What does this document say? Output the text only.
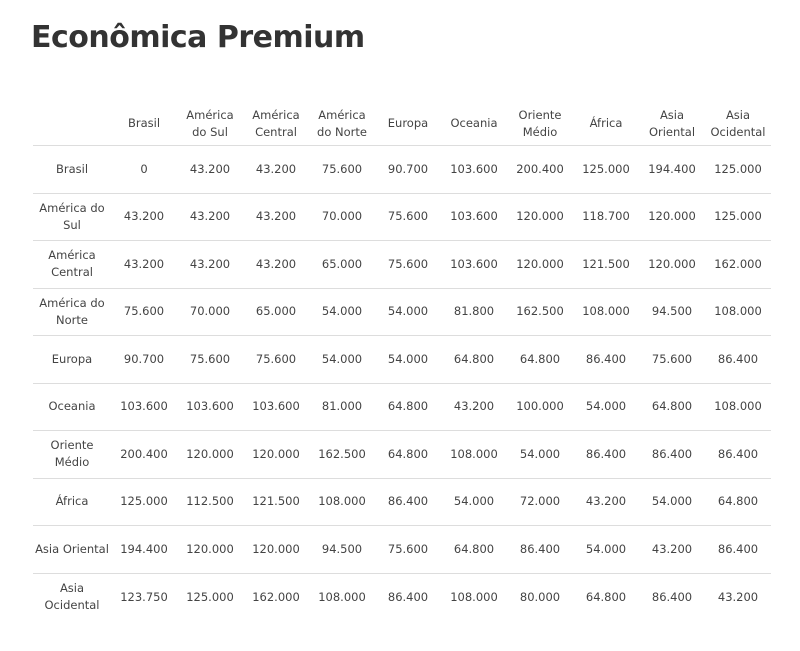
Econômica Premium
	Brasil	América do Sul	América Central	América do Norte	Europa	Oceania	Oriente Médio	África	Asia Oriental	Asia Ocidental
Brasil	0	43.200	43.200	75.600	90.700	103.600	200.400	125.000	194.400	125.000
América do Sul	43.200	43.200	43.200	70.000	75.600	103.600	120.000	118.700	120.000	125.000
América Central	43.200	43.200	43.200	65.000	75.600	103.600	120.000	121.500	120.000	162.000
América do Norte	75.600	70.000	65.000	54.000	54.000	81.800	162.500	108.000	94.500	108.000
Europa	90.700	75.600	75.600	54.000	54.000	64.800	64.800	86.400	75.600	86.400
Oceania	103.600	103.600	103.600	81.000	64.800	43.200	100.000	54.000	64.800	108.000
Oriente Médio	200.400	120.000	120.000	162.500	64.800	108.000	54.000	86.400	86.400	86.400
África	125.000	112.500	121.500	108.000	86.400	54.000	72.000	43.200	54.000	64.800
Asia Oriental	194.400	120.000	120.000	94.500	75.600	64.800	86.400	54.000	43.200	86.400
Asia Ocidental	123.750	125.000	162.000	108.000	86.400	108.000	80.000	64.800	86.400	43.200
